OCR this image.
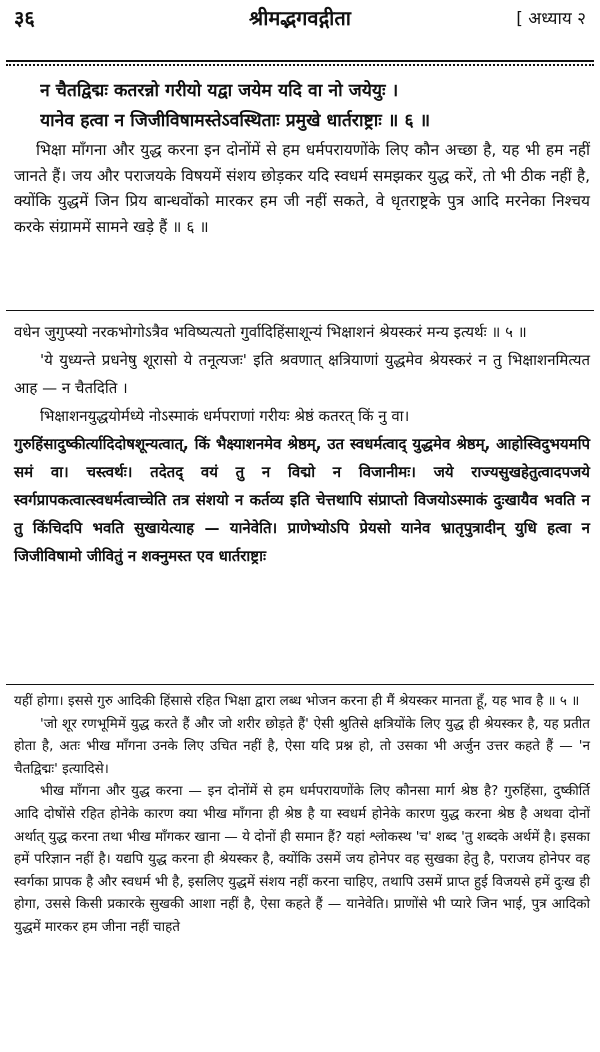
३६	श्रीमद्भगवद्गीता	[ अध्याय २
न चैतद्विद्मः कतरन्नो गरीयो यद्वा जयेम यदि वा नो जयेयुः ।
यानेव हत्वा न जिजीविषामस्तेऽवस्थिताः प्रमुखे धार्तराष्ट्राः ॥ ६ ॥

भिक्षा माँगना और युद्ध करना इन दोनोंमें से हम धर्मपरायणोंके लिए कौन अच्छा है, यह भी हम नहीं जानते हैं। जय और पराजयके विषयमें संशय छोड़कर यदि स्वधर्म समझकर युद्ध करें, तो भी ठीक नहीं है, क्योंकि युद्धमें जिन प्रिय बान्धवोंको मारकर हम जी नहीं सकते, वे धृतराष्ट्रके पुत्र आदि मरनेका निश्चय करके संग्राममें सामने खड़े हैं ॥ ६ ॥

वधेन जुगुप्स्यो नरकभोगोऽत्रैव भविष्यत्यतो गुर्वादिहिंसाशून्यं भिक्षाशनं श्रेयस्करं मन्य इत्यर्थः ॥ ५ ॥

'ये युध्यन्ते प्रधनेषु शूरासो ये तनूत्यजः' इति श्रवणात् क्षत्रियाणां युद्धमेव श्रेयस्करं न तु भिक्षाशनमित्यत आह — न चैतदिति ।

भिक्षाशनयुद्धयोर्मध्ये नोऽस्माकं धर्मपराणां गरीयः श्रेष्ठं कतरत् किं नु वा।

गुरुहिंसादुष्कीर्त्यादिदोषशून्यत्वात्, किं भैक्ष्याशनमेव श्रेष्ठम्, उत स्वधर्मत्वाद् युद्धमेव श्रेष्ठम्, आहोस्विदुभयमपि समं वा। चस्त्वर्थः। तदेतद् वयं तु न विद्मो न विजानीमः। जये राज्यसुखहेतुत्वादपजये स्वर्गप्रापकत्वात्स्वधर्मत्वाच्चेति तत्र संशयो न कर्तव्य इति चेत्तथापि संप्राप्तो विजयोऽस्माकं दुःखायैव भवति न तु किंचिदपि भवति सुखायेत्याह — यानेवेति। प्राणेभ्योऽपि प्रेयसो यानेव भ्रातृपुत्रादीन् युधि हत्वा न जिजीविषामो जीवितुं न शक्नुमस्त एव धार्तराष्ट्राः

यहीं होगा। इससे गुरु आदिकी हिंसासे रहित भिक्षा द्वारा लब्ध भोजन करना ही मैं श्रेयस्कर मानता हूँ, यह भाव है ॥ ५ ॥

'जो शूर रणभूमिमें युद्ध करते हैं और जो शरीर छोड़ते हैं' ऐसी श्रुतिसे क्षत्रियोंके लिए युद्ध ही श्रेयस्कर है, यह प्रतीत होता है, अतः भीख माँगना उनके लिए उचित नहीं है, ऐसा यदि प्रश्न हो, तो उसका भी अर्जुन उत्तर कहते हैं — 'न चैतद्विद्मः' इत्यादिसे।

भीख माँगना और युद्ध करना — इन दोनोंमें से हम धर्मपरायणोंके लिए कौनसा मार्ग श्रेष्ठ है? गुरुहिंसा, दुष्कीर्ति आदि दोषोंसे रहित होनेके कारण क्या भीख माँगना ही श्रेष्ठ है या स्वधर्म होनेके कारण युद्ध करना श्रेष्ठ है अथवा दोनों अर्थात् युद्ध करना तथा भीख माँगकर खाना — ये दोनों ही समान हैं? यहां श्लोकस्थ 'च' शब्द 'तु शब्दके अर्थमें है। इसका हमें परिज्ञान नहीं है। यद्यपि युद्ध करना ही श्रेयस्कर है, क्योंकि उसमें जय होनेपर वह सुखका हेतु है, पराजय होनेपर वह स्वर्गका प्रापक है और स्वधर्म भी है, इसलिए युद्धमें संशय नहीं करना चाहिए, तथापि उसमें प्राप्त हुई विजयसे हमें दुःख ही होगा, उससे किसी प्रकारके सुखकी आशा नहीं है, ऐसा कहते हैं — यानेवेति। प्राणोंसे भी प्यारे जिन भाई, पुत्र आदिको युद्धमें मारकर हम जीना नहीं चाहते
